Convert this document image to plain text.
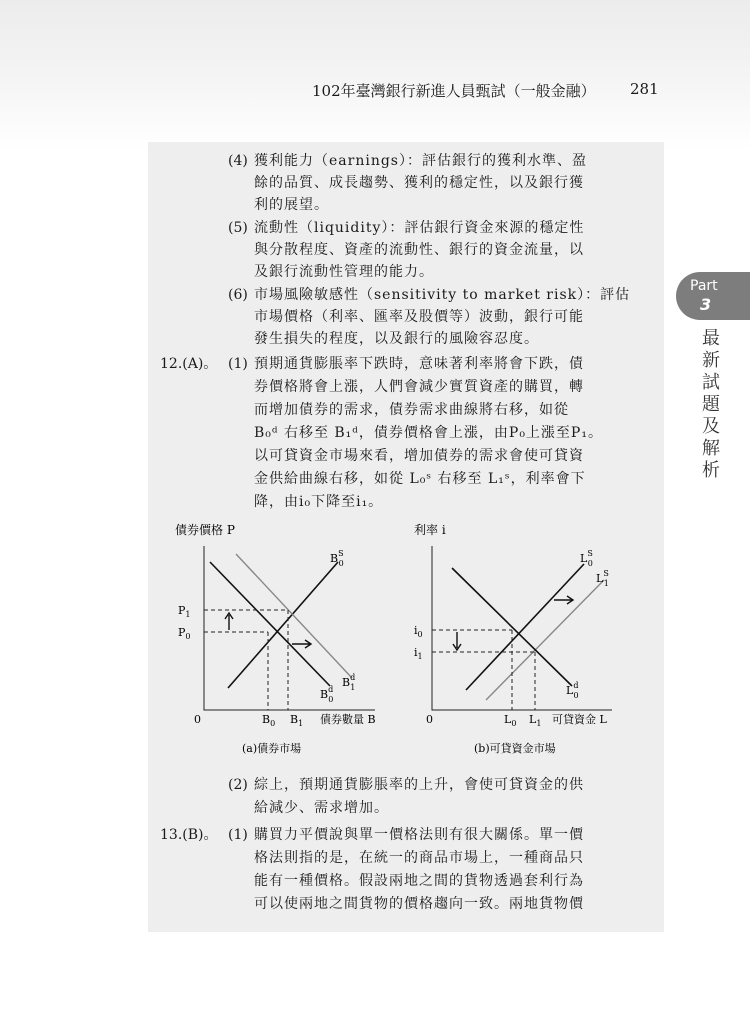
102年臺灣銀行新進人員甄試（一般金融） 281
Part
3
最
新
試
題
及
解
析
(4) 獲利能力（earnings）：評估銀行的獲利水準、盈
餘的品質、成長趨勢、獲利的穩定性，以及銀行獲
利的展望。
(5) 流動性（liquidity）：評估銀行資金來源的穩定性
與分散程度、資產的流動性、銀行的資金流量，以
及銀行流動性管理的能力。
(6) 市場風險敏感性（sensitivity to market risk）：評估
市場價格（利率、匯率及股價等）波動，銀行可能
發生損失的程度，以及銀行的風險容忍度。
12.(A)。 (1) 預期通貨膨脹率下跌時，意味著利率將會下跌，債
券價格將會上漲，人們會減少實質資產的購買，轉
而增加債券的需求，債券需求曲線將右移，如從
B₀ᵈ 右移至 B₁ᵈ，債券價格會上漲，由P₀上漲至P₁。
以可貸資金市場來看，增加債券的需求會使可貸資
金供給曲線右移，如從 L₀ˢ 右移至 L₁ˢ，利率會下
降，由i₀下降至i₁。
債券價格 P
0	債券數量 B
$P_1$
$P_0$
$B_0$ $B_1$
$B^S$ 0
$B^d$ 1
$B^d$ 0
(a)債券市場
利率 i
0	可貸資金 L
$i_0$
$i_1$
$L_0$ $L_1$
$L^S$ 0
$L^S$ 1
$L^d$ 0
(b)可貸資金市場
(2) 綜上，預期通貨膨脹率的上升，會使可貸資金的供
給減少、需求增加。
13.(B)。 (1) 購買力平價說與單一價格法則有很大關係。單一價
格法則指的是，在統一的商品市場上，一種商品只
能有一種價格。假設兩地之間的貨物透過套利行為
可以使兩地之間貨物的價格趨向一致。兩地貨物價
